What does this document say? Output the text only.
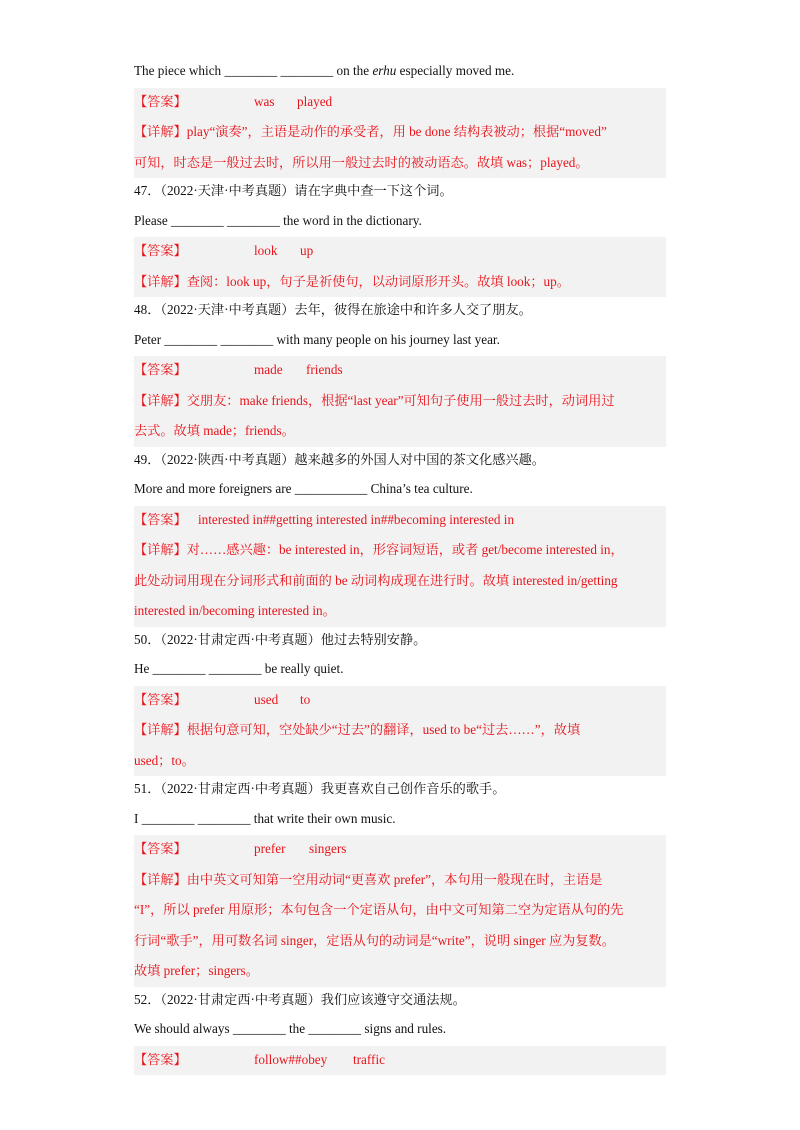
The piece which ________ ________ on the erhu especially moved me.
【答案】	was played
【详解】play“演奏”，主语是动作的承受者，用 be done 结构表被动；根据“moved”
可知，时态是一般过去时，所以用一般过去时的被动语态。故填 was；played。
47．（2022·天津·中考真题）请在字典中查一下这个词。
Please ________ ________ the word in the dictionary.
【答案】	look up
【详解】查阅：look up，句子是祈使句，以动词原形开头。故填 look；up。
48．（2022·天津·中考真题）去年，彼得在旅途中和许多人交了朋友。
Peter ________ ________ with many people on his journey last year.
【答案】	made friends
【详解】交朋友：make friends，根据“last year”可知句子使用一般过去时，动词用过
去式。故填 made；friends。
49．（2022·陕西·中考真题）越来越多的外国人对中国的茶文化感兴趣。
More and more foreigners are ___________ China’s tea culture.
【答案】 interested in##getting interested in##becoming interested in
【详解】对……感兴趣：be interested in，形容词短语，或者 get/become interested in，
此处动词用现在分词形式和前面的 be 动词构成现在进行时。故填 interested in/getting
interested in/becoming interested in。
50．（2022·甘肃定西·中考真题）他过去特别安静。
He ________ ________ be really quiet.
【答案】	used to
【详解】根据句意可知，空处缺少“过去”的翻译，used to be“过去……”，故填
used；to。
51．（2022·甘肃定西·中考真题）我更喜欢自己创作音乐的歌手。
I ________ ________ that write their own music.
【答案】	prefer singers
【详解】由中英文可知第一空用动词“更喜欢 prefer”，本句用一般现在时，主语是
“I”，所以 prefer 用原形；本句包含一个定语从句，由中文可知第二空为定语从句的先
行词“歌手”，用可数名词 singer，定语从句的动词是“write”，说明 singer 应为复数。
故填 prefer；singers。
52．（2022·甘肃定西·中考真题）我们应该遵守交通法规。
We should always ________ the ________ signs and rules.
【答案】	follow##obey traffic
